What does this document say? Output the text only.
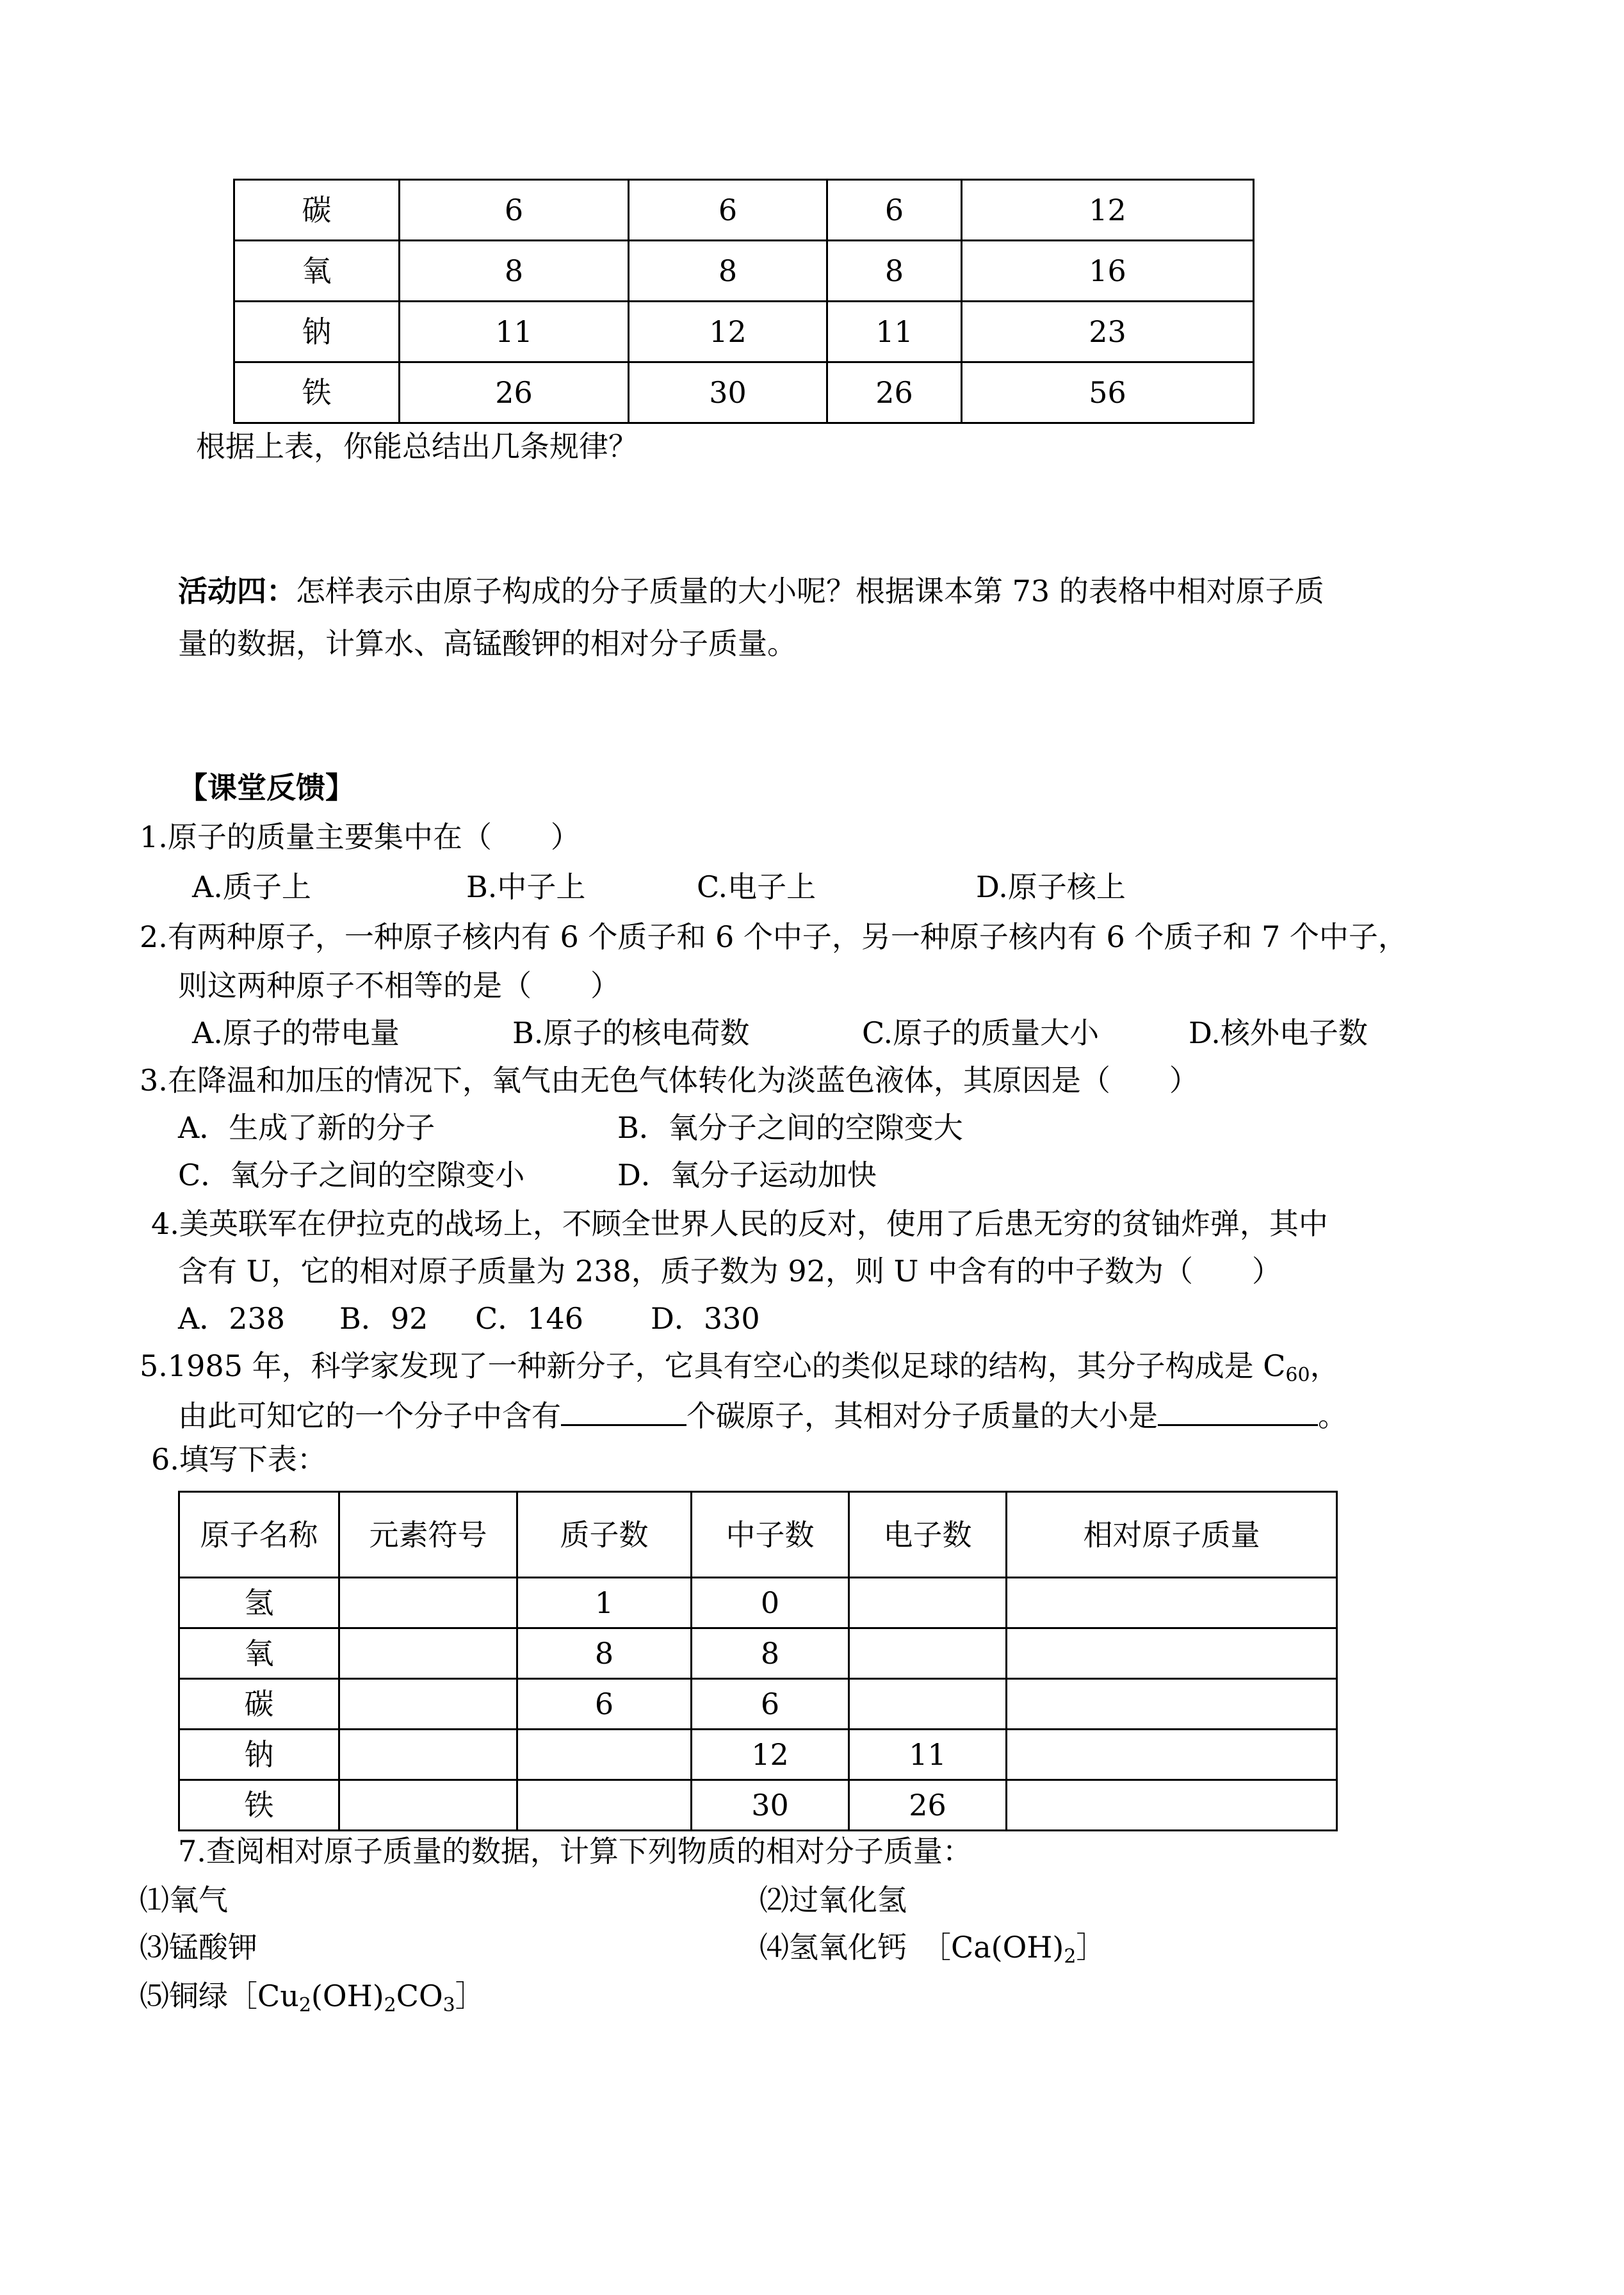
碳	6	6	6	12
氧	8	8	8	16
钠	11	12	11	23
铁	26	30	26	56
根据上表，你能总结出几条规律？
活动四：怎样表示由原子构成的分子质量的大小呢？根据课本第 73 的表格中相对原子质
量的数据，计算水、高锰酸钾的相对分子质量。
【课堂反馈】
1.原子的质量主要集中在（　　）
A.质子上	B.中子上	C.电子上	D.原子核上
2.有两种原子，一种原子核内有 6 个质子和 6 个中子，另一种原子核内有 6 个质子和 7 个中子，
则这两种原子不相等的是（　　）
A.原子的带电量	B.原子的核电荷数	C.原子的质量大小	D.核外电子数
3.在降温和加压的情况下，氧气由无色气体转化为淡蓝色液体，其原因是（　　）
A．生成了新的分子	B．氧分子之间的空隙变大
C．氧分子之间的空隙变小	D．氧分子运动加快
4.美英联军在伊拉克的战场上，不顾全世界人民的反对，使用了后患无穷的贫铀炸弹，其中
含有 U，它的相对原子质量为 238，质子数为 92，则 U 中含有的中子数为（　　）
A．238 B．92 C．146 D．330
5.1985 年，科学家发现了一种新分子，它具有空心的类似足球的结构，其分子构成是 $C_{60}$，
由此可知它的一个分子中含有	个碳原子，其相对分子质量的大小是	。
6.填写下表：
原子名称	元素符号	质子数	中子数	电子数	相对原子质量
氢		1	0		
氧		8	8		
碳		6	6		
钠			12	11	
铁			30	26	
7.查阅相对原子质量的数据，计算下列物质的相对分子质量：
⑴氧气	⑵过氧化氢
⑶锰酸钾	⑷氢氧化钙　$[Ca(OH)_2]$
⑸铜绿$[Cu_2(OH)_2CO_3]$
